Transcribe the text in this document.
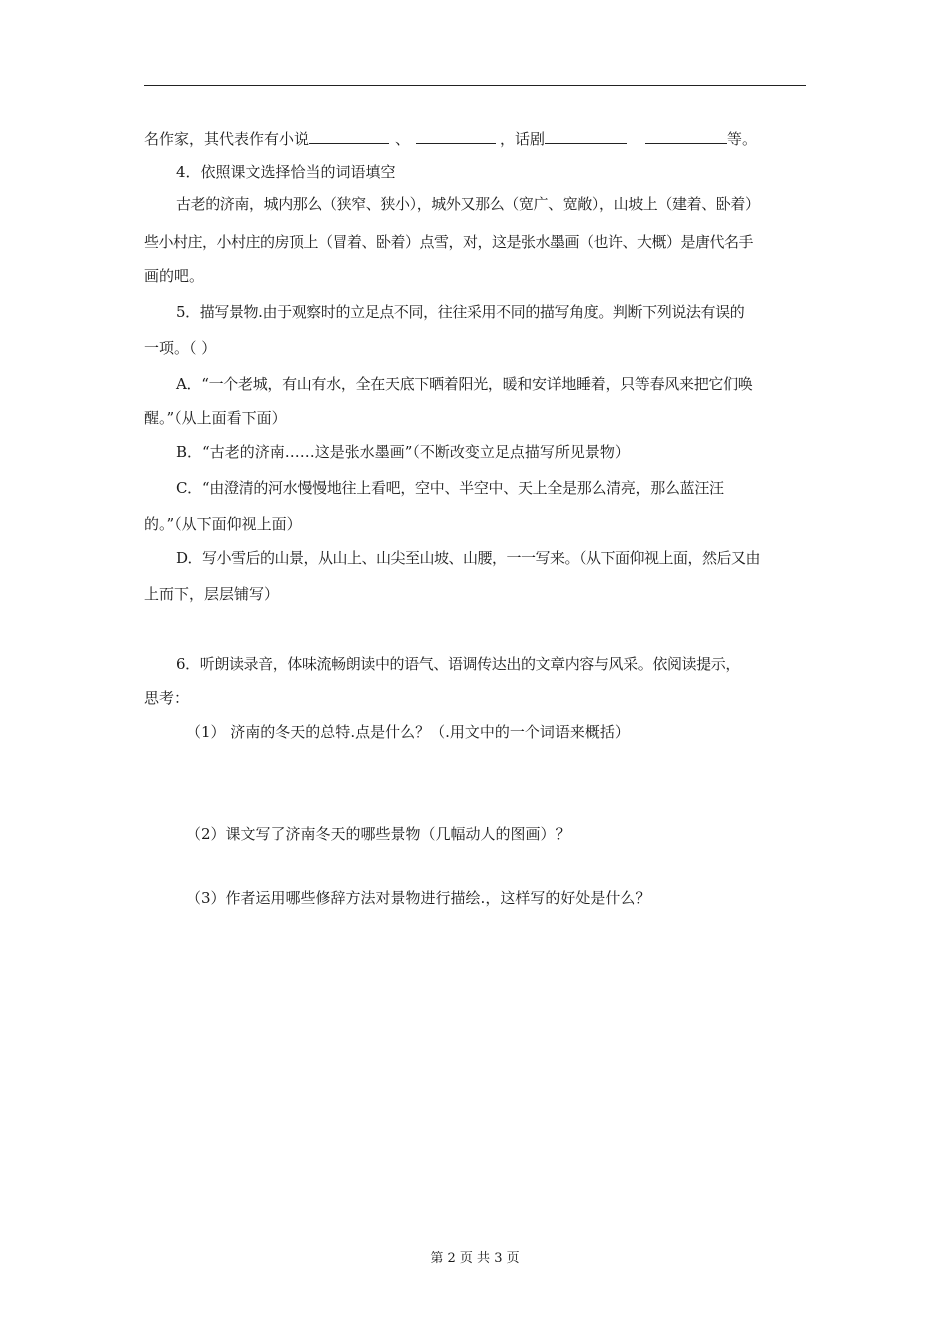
名作家，其代表作有小说	、	，话剧	等。
4．依照课文选择恰当的词语填空
古老的济南，城内那么（狭窄、狭小），城外又那么（宽广、宽敞），山坡上（建着、卧着）
些小村庄，小村庄的房顶上（冒着、卧着）点雪，对，这是张水墨画（也许、大概）是唐代名手
画的吧。
5．描写景物.由于观察时的立足点不同，往往采用不同的描写角度。判断下列说法有误的
一项。（ ）
A．“一个老城，有山有水，全在天底下晒着阳光，暖和安详地睡着，只等春风来把它们唤
醒。”（从上面看下面）
B．“古老的济南……这是张水墨画”（不断改变立足点描写所见景物）
C．“由澄清的河水慢慢地往上看吧，空中、半空中、天上全是那么清亮，那么蓝汪汪
的。”（从下面仰视上面）
D．写小雪后的山景，从山上、山尖至山坡、山腰，一一写来。（从下面仰视上面，然后又由
上而下，层层铺写）
6．听朗读录音，体味流畅朗读中的语气、语调传达出的文章内容与风采。依阅读提示，
思考：
（1） 济南的冬天的总特.点是什么？（.用文中的一个词语来概括）
（2）课文写了济南冬天的哪些景物（几幅动人的图画）？
（3）作者运用哪些修辞方法对景物进行描绘.，这样写的好处是什么？
第 2 页 共 3 页
